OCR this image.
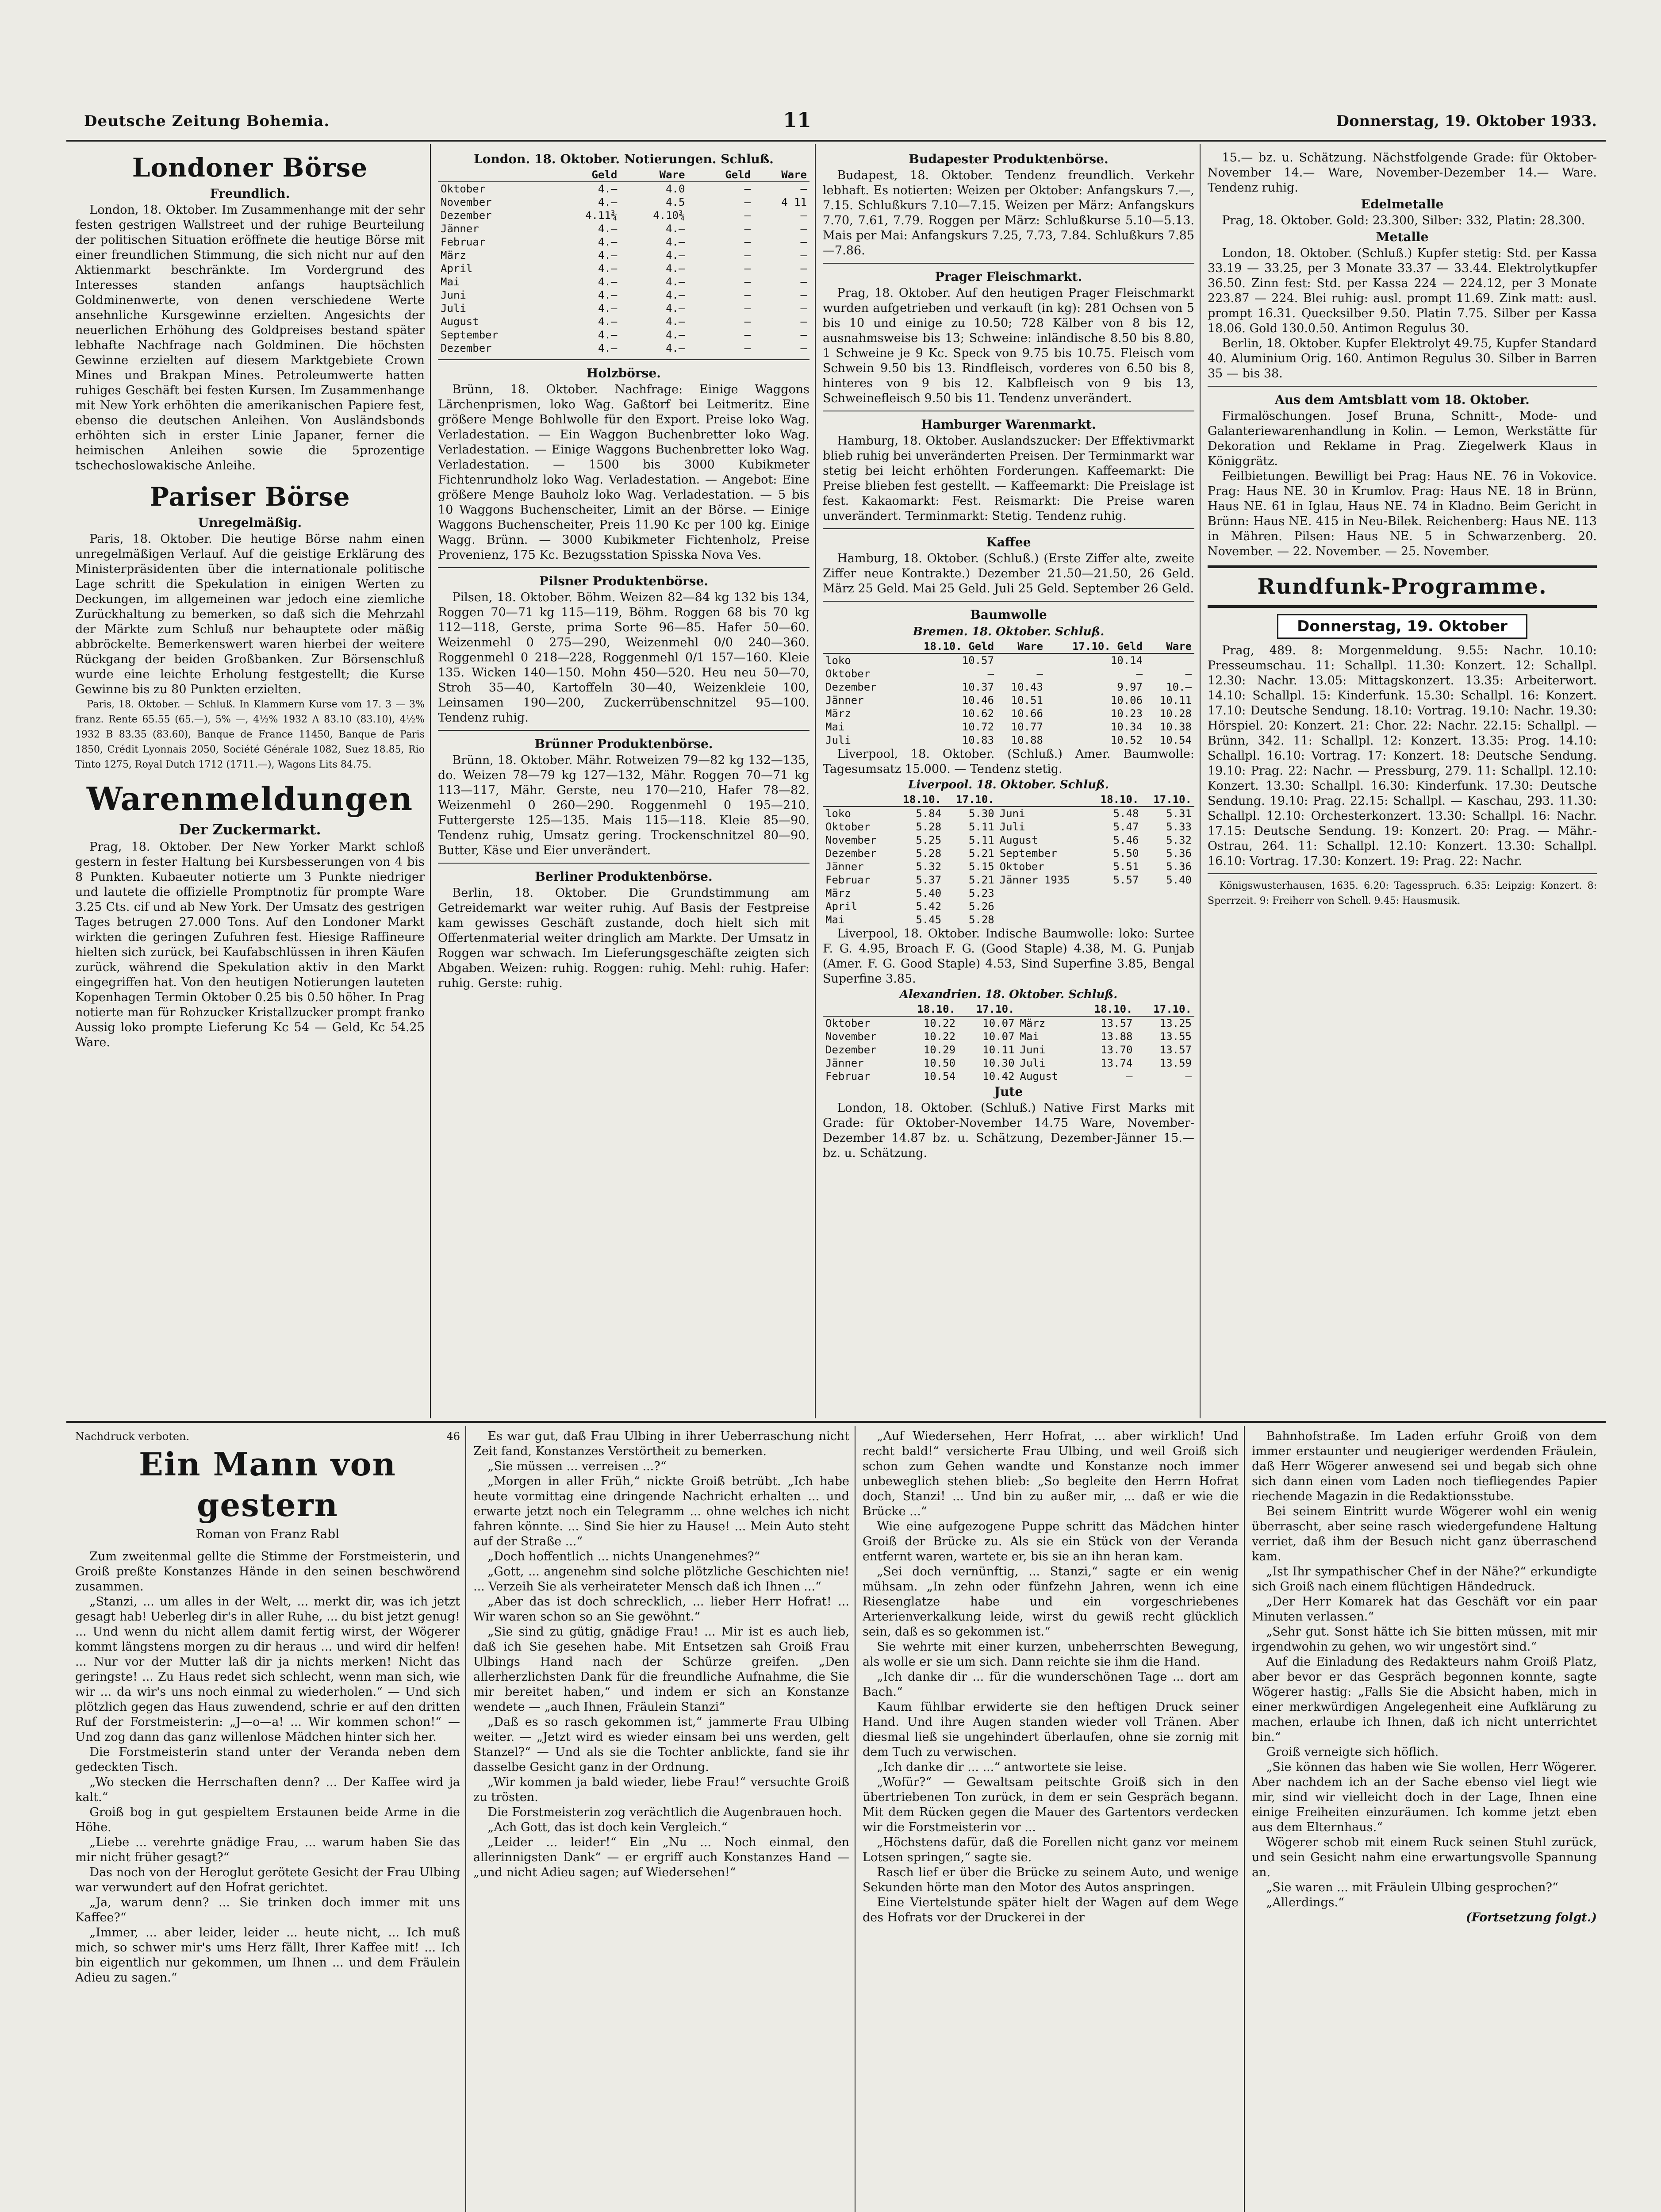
Deutsche Zeitung Bohemia.	11	Donnerstag, 19. Oktober 1933.
Londoner Börse
Freundlich.

London, 18. Oktober. Im Zusammenhange mit der sehr festen gestrigen Wallstreet und der ruhige Beurteilung der politischen Situation eröffnete die heutige Börse mit einer freundlichen Stimmung, die sich nicht nur auf den Aktienmarkt beschränkte. Im Vordergrund des Interesses standen anfangs hauptsächlich Goldminenwerte, von denen verschiedene Werte ansehnliche Kursgewinne erzielten. Angesichts der neuerlichen Erhöhung des Goldpreises bestand später lebhafte Nachfrage nach Goldminen. Die höchsten Gewinne erzielten auf diesem Marktgebiete Crown Mines und Brakpan Mines. Petroleumwerte hatten ruhiges Geschäft bei festen Kursen. Im Zusammenhange mit New York erhöhten die amerikanischen Papiere fest, ebenso die deutschen Anleihen. Von Ausländsbonds erhöhten sich in erster Linie Japaner, ferner die heimischen Anleihen sowie die 5prozentige tschechoslowakische Anleihe.

Pariser Börse
Unregelmäßig.

Paris, 18. Oktober. Die heutige Börse nahm einen unregelmäßigen Verlauf. Auf die geistige Erklärung des Ministerpräsidenten über die internationale politische Lage schritt die Spekulation in einigen Werten zu Deckungen, im allgemeinen war jedoch eine ziemliche Zurückhaltung zu bemerken, so daß sich die Mehrzahl der Märkte zum Schluß nur behauptete oder mäßig abbröckelte. Bemerkenswert waren hierbei der weitere Rückgang der beiden Großbanken. Zur Börsenschluß wurde eine leichte Erholung festgestellt; die Kurse Gewinne bis zu 80 Punkten erzielten.

Paris, 18. Oktober. — Schluß. In Klammern Kurse vom 17. 3 — 3% franz. Rente 65.55 (65.—), 5% —, 4½% 1932 A 83.10 (83.10), 4½% 1932 B 83.35 (83.60), Banque de France 11450, Banque de Paris 1850, Crédit Lyonnais 2050, Société Générale 1082, Suez 18.85, Rio Tinto 1275, Royal Dutch 1712 (1711.—), Wagons Lits 84.75.

Warenmeldungen
Der Zuckermarkt.

Prag, 18. Oktober. Der New Yorker Markt schloß gestern in fester Haltung bei Kursbesserungen von 4 bis 8 Punkten. Kubaeuter notierte um 3 Punkte niedriger und lautete die offizielle Promptnotiz für prompte Ware 3.25 Cts. cif und ab New York. Der Umsatz des gestrigen Tages betrugen 27.000 Tons. Auf den Londoner Markt wirkten die geringen Zufuhren fest. Hiesige Raffineure hielten sich zurück, bei Kaufabschlüssen in ihren Käufen zurück, während die Spekulation aktiv in den Markt eingegriffen hat. Von den heutigen Notierungen lauteten Kopenhagen Termin Oktober 0.25 bis 0.50 höher. In Prag notierte man für Rohzucker Kristallzucker prompt franko Aussig loko prompte Lieferung Kc 54 — Geld, Kc 54.25 Ware.

London. 18. Oktober. Notierungen. Schluß.
	Geld	Ware		Geld	Ware
Oktober	4.—	4.0		—	—
November	4.—	4.5		—	4 11
Dezember	4.11¾	4.10¾		—	—
Jänner	4.—	4.—		—	—
Februar	4.—	4.—		—	—
März	4.—	4.—		—	—
April	4.—	4.—		—	—
Mai	4.—	4.—		—	—
Juni	4.—	4.—		—	—
Juli	4.—	4.—		—	—
August	4.—	4.—		—	—
September	4.—	4.—		—	—
Dezember	4.—	4.—		—	—
Holzbörse.

Brünn, 18. Oktober. Nachfrage: Einige Waggons Lärchenprismen, loko Wag. Gaßtorf bei Leitmeritz. Eine größere Menge Bohlwolle für den Export. Preise loko Wag. Verladestation. — Ein Waggon Buchenbretter loko Wag. Verladestation. — Einige Waggons Buchenbretter loko Wag. Verladestation. — 1500 bis 3000 Kubikmeter Fichtenrundholz loko Wag. Verladestation. — Angebot: Eine größere Menge Bauholz loko Wag. Verladestation. — 5 bis 10 Waggons Buchenscheiter, Limit an der Börse. — Einige Waggons Buchenscheiter, Preis 11.90 Kc per 100 kg. Einige Wagg. Brünn. — 3000 Kubikmeter Fichtenholz, Preise Provenienz, 175 Kc. Bezugsstation Spisska Nova Ves.

Pilsner Produktenbörse.

Pilsen, 18. Oktober. Böhm. Weizen 82—84 kg 132 bis 134, Roggen 70—71 kg 115—119, Böhm. Roggen 68 bis 70 kg 112—118, Gerste, prima Sorte 96—85. Hafer 50—60. Weizenmehl 0 275—290, Weizenmehl 0/0 240—360. Roggenmehl 0 218—228, Roggenmehl 0/1 157—160. Kleie 135. Wicken 140—150. Mohn 450—520. Heu neu 50—70, Stroh 35—40, Kartoffeln 30—40, Weizenkleie 100, Leinsamen 190—200, Zuckerrübenschnitzel 95—100. Tendenz ruhig.

Brünner Produktenbörse.

Brünn, 18. Oktober. Mähr. Rotweizen 79—82 kg 132—135, do. Weizen 78—79 kg 127—132, Mähr. Roggen 70—71 kg 113—117, Mähr. Gerste, neu 170—210, Hafer 78—82. Weizenmehl 0 260—290. Roggenmehl 0 195—210. Futtergerste 125—135. Mais 115—118. Kleie 85—90. Tendenz ruhig, Umsatz gering. Trockenschnitzel 80—90. Butter, Käse und Eier unverändert.

Berliner Produktenbörse.

Berlin, 18. Oktober. Die Grundstimmung am Getreidemarkt war weiter ruhig. Auf Basis der Festpreise kam gewisses Geschäft zustande, doch hielt sich mit Offertenmaterial weiter dringlich am Markte. Der Umsatz in Roggen war schwach. Im Lieferungsgeschäfte zeigten sich Abgaben. Weizen: ruhig. Roggen: ruhig. Mehl: ruhig. Hafer: ruhig. Gerste: ruhig.

Budapester Produktenbörse.

Budapest, 18. Oktober. Tendenz freundlich. Verkehr lebhaft. Es notierten: Weizen per Oktober: Anfangskurs 7.—, 7.15. Schlußkurs 7.10—7.15. Weizen per März: Anfangskurs 7.70, 7.61, 7.79. Roggen per März: Schlußkurse 5.10—5.13. Mais per Mai: Anfangskurs 7.25, 7.73, 7.84. Schlußkurs 7.85—7.86.

Prager Fleischmarkt.

Prag, 18. Oktober. Auf den heutigen Prager Fleischmarkt wurden aufgetrieben und verkauft (in kg): 281 Ochsen von 5 bis 10 und einige zu 10.50; 728 Kälber von 8 bis 12, ausnahmsweise bis 13; Schweine: inländische 8.50 bis 8.80, 1 Schweine je 9 Kc. Speck von 9.75 bis 10.75. Fleisch vom Schwein 9.50 bis 13. Rindfleisch, vorderes von 6.50 bis 8, hinteres von 9 bis 12. Kalbfleisch von 9 bis 13, Schweinefleisch 9.50 bis 11. Tendenz unverändert.

Hamburger Warenmarkt.

Hamburg, 18. Oktober. Auslandszucker: Der Effektivmarkt blieb ruhig bei unveränderten Preisen. Der Terminmarkt war stetig bei leicht erhöhten Forderungen. Kaffeemarkt: Die Preise blieben fest gestellt. — Kaffeemarkt: Die Preislage ist fest. Kakaomarkt: Fest. Reismarkt: Die Preise waren unverändert. Terminmarkt: Stetig. Tendenz ruhig.

Kaffee

Hamburg, 18. Oktober. (Schluß.) (Erste Ziffer alte, zweite Ziffer neue Kontrakte.) Dezember 21.50—21.50, 26 Geld. März 25 Geld. Mai 25 Geld. Juli 25 Geld. September 26 Geld.

Baumwolle
Bremen. 18. Oktober. Schluß.
	18.10. Geld	Ware	17.10. Geld	Ware
loko	10.57		10.14	
Oktober	—	—	—	—
Dezember	10.37	10.43	9.97	10.—
Jänner	10.46	10.51	10.06	10.11
März	10.62	10.66	10.23	10.28
Mai	10.72	10.77	10.34	10.38
Juli	10.83	10.88	10.52	10.54

Liverpool, 18. Oktober. (Schluß.) Amer. Baumwolle: Tagesumsatz 15.000. — Tendenz stetig.

Liverpool. 18. Oktober. Schluß.
	18.10.	17.10.		18.10.	17.10.
loko	5.84	5.30	Juni	5.48	5.31
Oktober	5.28	5.11	Juli	5.47	5.33
November	5.25	5.11	August	5.46	5.32
Dezember	5.28	5.21	September	5.50	5.36
Jänner	5.32	5.15	Oktober	5.51	5.36
Februar	5.37	5.21	Jänner 1935	5.57	5.40
März	5.40	5.23			
April	5.42	5.26			
Mai	5.45	5.28			

Liverpool, 18. Oktober. Indische Baumwolle: loko: Surtee F. G. 4.95, Broach F. G. (Good Staple) 4.38, M. G. Punjab (Amer. F. G. Good Staple) 4.53, Sind Superfine 3.85, Bengal Superfine 3.85.

Alexandrien. 18. Oktober. Schluß.
	18.10.	17.10.		18.10.	17.10.
Oktober	10.22	10.07	März	13.57	13.25
November	10.22	10.07	Mai	13.88	13.55
Dezember	10.29	10.11	Juni	13.70	13.57
Jänner	10.50	10.30	Juli	13.74	13.59
Februar	10.54	10.42	August	—	—
Jute

London, 18. Oktober. (Schluß.) Native First Marks mit Grade: für Oktober-November 14.75 Ware, November-Dezember 14.87 bz. u. Schätzung, Dezember-Jänner 15.— bz. u. Schätzung.

15.— bz. u. Schätzung. Nächstfolgende Grade: für Oktober-November 14.— Ware, November-Dezember 14.— Ware. Tendenz ruhig.

Edelmetalle

Prag, 18. Oktober. Gold: 23.300, Silber: 332, Platin: 28.300.

Metalle

London, 18. Oktober. (Schluß.) Kupfer stetig: Std. per Kassa 33.19 — 33.25, per 3 Monate 33.37 — 33.44. Elektrolytkupfer 36.50. Zinn fest: Std. per Kassa 224 — 224.12, per 3 Monate 223.87 — 224. Blei ruhig: ausl. prompt 11.69. Zink matt: ausl. prompt 16.31. Quecksilber 9.50. Platin 7.75. Silber per Kassa 18.06. Gold 130.0.50. Antimon Regulus 30.

Berlin, 18. Oktober. Kupfer Elektrolyt 49.75, Kupfer Standard 40. Aluminium Orig. 160. Antimon Regulus 30. Silber in Barren 35 — bis 38.

Aus dem Amtsblatt vom 18. Oktober.

Firmalöschungen. Josef Bruna, Schnitt-, Mode- und Galanteriewarenhandlung in Kolin. — Lemon, Werkstätte für Dekoration und Reklame in Prag. Ziegelwerk Klaus in Königgrätz.

Feilbietungen. Bewilligt bei Prag: Haus NE. 76 in Vokovice. Prag: Haus NE. 30 in Krumlov. Prag: Haus NE. 18 in Brünn, Haus NE. 61 in Iglau, Haus NE. 74 in Kladno. Beim Gericht in Brünn: Haus NE. 415 in Neu-Bilek. Reichenberg: Haus NE. 113 in Mähren. Pilsen: Haus NE. 5 in Schwarzenberg. 20. November. — 22. November. — 25. November.

Rundfunk-Programme.
Donnerstag, 19. Oktober

Prag, 489. 8: Morgenmeldung. 9.55: Nachr. 10.10: Presseumschau. 11: Schallpl. 11.30: Konzert. 12: Schallpl. 12.30: Nachr. 13.05: Mittagskonzert. 13.35: Arbeiterwort. 14.10: Schallpl. 15: Kinderfunk. 15.30: Schallpl. 16: Konzert. 17.10: Deutsche Sendung. 18.10: Vortrag. 19.10: Nachr. 19.30: Hörspiel. 20: Konzert. 21: Chor. 22: Nachr. 22.15: Schallpl. — Brünn, 342. 11: Schallpl. 12: Konzert. 13.35: Prog. 14.10: Schallpl. 16.10: Vortrag. 17: Konzert. 18: Deutsche Sendung. 19.10: Prag. 22: Nachr. — Pressburg, 279. 11: Schallpl. 12.10: Konzert. 13.30: Schallpl. 16.30: Kinderfunk. 17.30: Deutsche Sendung. 19.10: Prag. 22.15: Schallpl. — Kaschau, 293. 11.30: Schallpl. 12.10: Orchesterkonzert. 13.30: Schallpl. 16: Nachr. 17.15: Deutsche Sendung. 19: Konzert. 20: Prag. — Mähr.-Ostrau, 264. 11: Schallpl. 12.10: Konzert. 13.30: Schallpl. 16.10: Vortrag. 17.30: Konzert. 19: Prag. 22: Nachr.

Königswusterhausen, 1635. 6.20: Tagesspruch. 6.35: Leipzig: Konzert. 8: Sperrzeit. 9: Freiherr von Schell. 9.45: Hausmusik.

Nachdruck verboten.	46
Ein Mann von gestern
Roman von Franz Rabl

Zum zweitenmal gellte die Stimme der Forstmeisterin, und Groiß preßte Konstanzes Hände in den seinen beschwörend zusammen.

„Stanzi, ... um alles in der Welt, ... merkt dir, was ich jetzt gesagt hab! Ueberleg dir's in aller Ruhe, ... du bist jetzt genug! ... Und wenn du nicht allem damit fertig wirst, der Wögerer kommt längstens morgen zu dir heraus ... und wird dir helfen! ... Nur vor der Mutter laß dir ja nichts merken! Nicht das geringste! ... Zu Haus redet sich schlecht, wenn man sich, wie wir ... da wir's uns noch einmal zu wiederholen.“ — Und sich plötzlich gegen das Haus zuwendend, schrie er auf den dritten Ruf der Forstmeisterin: „J—o—a! ... Wir kommen schon!“ — Und zog dann das ganz willenlose Mädchen hinter sich her.

Die Forstmeisterin stand unter der Veranda neben dem gedeckten Tisch.

„Wo stecken die Herrschaften denn? ... Der Kaffee wird ja kalt.“

Groiß bog in gut gespieltem Erstaunen beide Arme in die Höhe.

„Liebe ... verehrte gnädige Frau, ... warum haben Sie das mir nicht früher gesagt?“

Das noch von der Heroglut gerötete Gesicht der Frau Ulbing war verwundert auf den Hofrat gerichtet.

„Ja, warum denn? ... Sie trinken doch immer mit uns Kaffee?“

„Immer, ... aber leider, leider ... heute nicht, ... Ich muß mich, so schwer mir's ums Herz fällt, Ihrer Kaffee mit! ... Ich bin eigentlich nur gekommen, um Ihnen ... und dem Fräulein Adieu zu sagen.“

Es war gut, daß Frau Ulbing in ihrer Ueberraschung nicht Zeit fand, Konstanzes Verstörtheit zu bemerken.

„Sie müssen ... verreisen ...?“

„Morgen in aller Früh,“ nickte Groiß betrübt. „Ich habe heute vormittag eine dringende Nachricht erhalten ... und erwarte jetzt noch ein Telegramm ... ohne welches ich nicht fahren könnte. ... Sind Sie hier zu Hause! ... Mein Auto steht auf der Straße ...“

„Doch hoffentlich ... nichts Unangenehmes?“

„Gott, ... angenehm sind solche plötzliche Geschichten nie! ... Verzeih Sie als verheirateter Mensch daß ich Ihnen ...“

„Aber das ist doch schrecklich, ... lieber Herr Hofrat! ... Wir waren schon so an Sie gewöhnt.“

„Sie sind zu gütig, gnädige Frau! ... Mir ist es auch lieb, daß ich Sie gesehen habe. Mit Entsetzen sah Groiß Frau Ulbings Hand nach der Schürze greifen. „Den allerherzlichsten Dank für die freundliche Aufnahme, die Sie mir bereitet haben,“ und indem er sich an Konstanze wendete — „auch Ihnen, Fräulein Stanzi“

„Daß es so rasch gekommen ist,“ jammerte Frau Ulbing weiter. — „Jetzt wird es wieder einsam bei uns werden, gelt Stanzel?“ — Und als sie die Tochter anblickte, fand sie ihr dasselbe Gesicht ganz in der Ordnung.

„Wir kommen ja bald wieder, liebe Frau!“ versuchte Groiß zu trösten.

Die Forstmeisterin zog verächtlich die Augenbrauen hoch.

„Ach Gott, das ist doch kein Vergleich.“

„Leider ... leider!“ Ein „Nu ... Noch einmal, den allerinnigsten Dank“ — er ergriff auch Konstanzes Hand — „und nicht Adieu sagen; auf Wiedersehen!“

„Auf Wiedersehen, Herr Hofrat, ... aber wirklich! Und recht bald!“ versicherte Frau Ulbing, und weil Groiß sich schon zum Gehen wandte und Konstanze noch immer unbeweglich stehen blieb: „So begleite den Herrn Hofrat doch, Stanzi! ... Und bin zu außer mir, ... daß er wie die Brücke ...“

Wie eine aufgezogene Puppe schritt das Mädchen hinter Groiß der Brücke zu. Als sie ein Stück von der Veranda entfernt waren, wartete er, bis sie an ihn heran kam.

„Sei doch vernünftig, ... Stanzi,“ sagte er ein wenig mühsam. „In zehn oder fünfzehn Jahren, wenn ich eine Riesenglatze habe und ein vorgeschriebenes Arterienverkalkung leide, wirst du gewiß recht glücklich sein, daß es so gekommen ist.“

Sie wehrte mit einer kurzen, unbeherrschten Bewegung, als wolle er sie um sich. Dann reichte sie ihm die Hand.

„Ich danke dir ... für die wunderschönen Tage ... dort am Bach.“

Kaum fühlbar erwiderte sie den heftigen Druck seiner Hand. Und ihre Augen standen wieder voll Tränen. Aber diesmal ließ sie ungehindert überlaufen, ohne sie zornig mit dem Tuch zu verwischen.

„Ich danke dir ... ...“ antwortete sie leise.

„Wofür?“ — Gewaltsam peitschte Groiß sich in den übertriebenen Ton zurück, in dem er sein Gespräch begann. Mit dem Rücken gegen die Mauer des Gartentors verdecken wir die Forstmeisterin vor ...

„Höchstens dafür, daß die Forellen nicht ganz vor meinem Lotsen springen,“ sagte sie.

Rasch lief er über die Brücke zu seinem Auto, und wenige Sekunden hörte man den Motor des Autos anspringen.

Eine Viertelstunde später hielt der Wagen auf dem Wege des Hofrats vor der Druckerei in der

Bahnhofstraße. Im Laden erfuhr Groiß von dem immer erstaunter und neugieriger werdenden Fräulein, daß Herr Wögerer anwesend sei und begab sich ohne sich dann einen vom Laden noch tiefliegendes Papier riechende Magazin in die Redaktionsstube.

Bei seinem Eintritt wurde Wögerer wohl ein wenig überrascht, aber seine rasch wiedergefundene Haltung verriet, daß ihm der Besuch nicht ganz überraschend kam.

„Ist Ihr sympathischer Chef in der Nähe?“ erkundigte sich Groiß nach einem flüchtigen Händedruck.

„Der Herr Komarek hat das Geschäft vor ein paar Minuten verlassen.“

„Sehr gut. Sonst hätte ich Sie bitten müssen, mit mir irgendwohin zu gehen, wo wir ungestört sind.“

Auf die Einladung des Redakteurs nahm Groiß Platz, aber bevor er das Gespräch begonnen konnte, sagte Wögerer hastig: „Falls Sie die Absicht haben, mich in einer merkwürdigen Angelegenheit eine Aufklärung zu machen, erlaube ich Ihnen, daß ich nicht unterrichtet bin.“

Groiß verneigte sich höflich.

„Sie können das haben wie Sie wollen, Herr Wögerer. Aber nachdem ich an der Sache ebenso viel liegt wie mir, sind wir vielleicht doch in der Lage, Ihnen eine einige Freiheiten einzuräumen. Ich komme jetzt eben aus dem Elternhaus.“

Wögerer schob mit einem Ruck seinen Stuhl zurück, und sein Gesicht nahm eine erwartungsvolle Spannung an.

„Sie waren ... mit Fräulein Ulbing gesprochen?“

„Allerdings.“

(Fortsetzung folgt.)
